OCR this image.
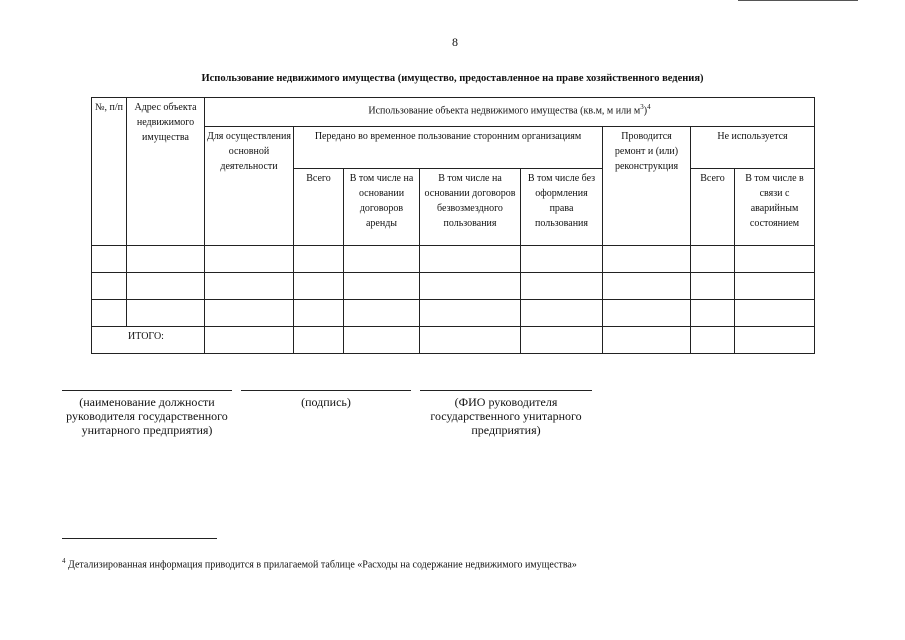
8
Использование недвижимого имущества (имущество, предоставленное на праве хозяйственного ведения)
№, п/п	Адрес объекта недвижимого имущества	Использование объекта недвижимого имущества (кв.м, м или $м^3)^4$
		Для осуществления основной деятельности	Передано во временное пользование сторонним организациям				Проводится ремонт и (или) реконструкция	Не используется	
			Всего	В том числе на основании договоров аренды	В том числе на основании договоров безвозмездного пользования	В том числе без оформления права пользования		Всего	В том числе в связи с аварийным состоянием

ИТОГО:									
(наименование должности руководителя государственного унитарного предприятия)
(подпись)	(ФИО руководителя государственного унитарного предприятия)
$^4$ Детализированная информация приводится в прилагаемой таблице «Расходы на содержание недвижимого имущества»
